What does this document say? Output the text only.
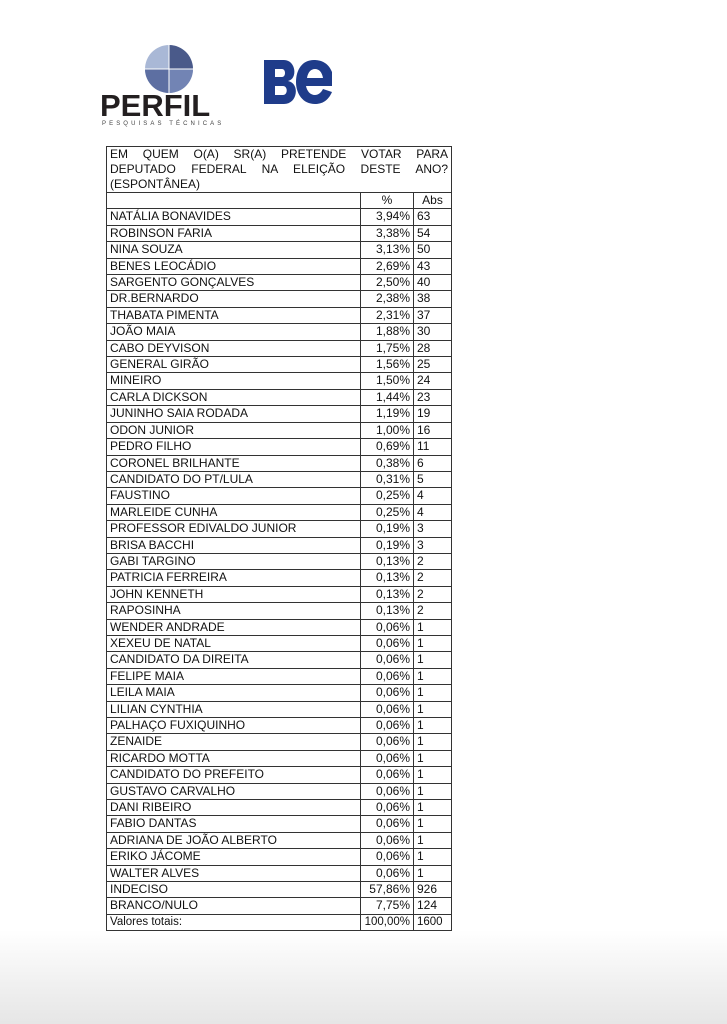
PERFIL
PESQUISAS TÉCNICAS
EM QUEM O(A) SR(A) PRETENDE VOTAR PARA
DEPUTADO FEDERAL NA ELEIÇÃO DESTE ANO?
(ESPONTÂNEA)		

	%	Abs
NATÁLIA BONAVIDES	3,94%	63
ROBINSON FARIA	3,38%	54
NINA SOUZA	3,13%	50
BENES LEOCÁDIO	2,69%	43
SARGENTO GONÇALVES	2,50%	40
DR.BERNARDO	2,38%	38
THABATA PIMENTA	2,31%	37
JOÃO MAIA	1,88%	30
CABO DEYVISON	1,75%	28
GENERAL GIRÃO	1,56%	25
MINEIRO	1,50%	24
CARLA DICKSON	1,44%	23
JUNINHO SAIA RODADA	1,19%	19
ODON JUNIOR	1,00%	16
PEDRO FILHO	0,69%	11
CORONEL BRILHANTE	0,38%	6
CANDIDATO DO PT/LULA	0,31%	5
FAUSTINO	0,25%	4
MARLEIDE CUNHA	0,25%	4
PROFESSOR EDIVALDO JUNIOR	0,19%	3
BRISA BACCHI	0,19%	3
GABI TARGINO	0,13%	2
PATRICIA FERREIRA	0,13%	2
JOHN KENNETH	0,13%	2
RAPOSINHA	0,13%	2
WENDER ANDRADE	0,06%	1
XEXEU DE NATAL	0,06%	1
CANDIDATO DA DIREITA	0,06%	1
FELIPE MAIA	0,06%	1
LEILA MAIA	0,06%	1
LILIAN CYNTHIA	0,06%	1
PALHAÇO FUXIQUINHO	0,06%	1
ZENAIDE	0,06%	1
RICARDO MOTTA	0,06%	1
CANDIDATO DO PREFEITO	0,06%	1
GUSTAVO CARVALHO	0,06%	1
DANI RIBEIRO	0,06%	1
FABIO DANTAS	0,06%	1
ADRIANA DE JOÃO ALBERTO	0,06%	1
ERIKO JÁCOME	0,06%	1
WALTER ALVES	0,06%	1
INDECISO	57,86%	926
BRANCO/NULO	7,75%	124
Valores totais:	100,00%	1600
